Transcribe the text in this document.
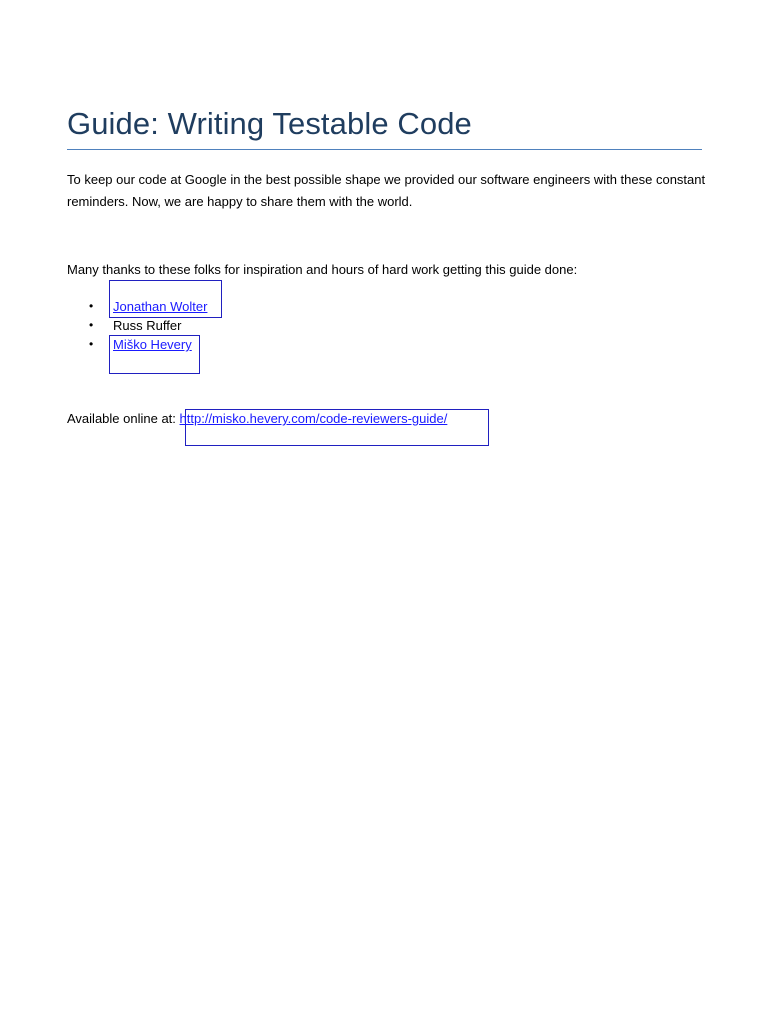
Guide: Writing Testable Code

To keep our code at Google in the best possible shape we provided our software engineers with these constant reminders. Now, we are happy to share them with the world.

Many thanks to these folks for inspiration and hours of hard work getting this guide done:

• Jonathan Wolter
• Russ Ruffer
• Miško Hevery
Available online at: http://misko.hevery.com/code-reviewers-guide/
